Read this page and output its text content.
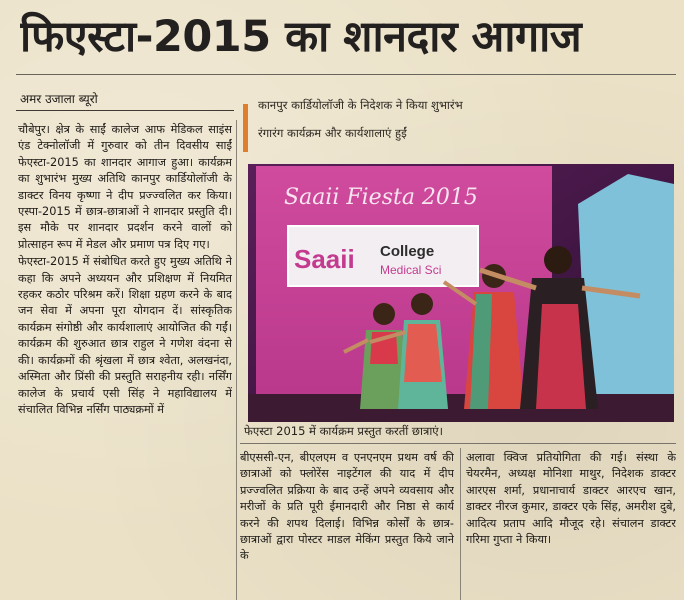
फिएस्टा-2015 का शानदार आगाज
अमर उजाला ब्यूरो	कानपुर कार्डियोलॉजी के निदेशक ने किया शुभारंभ
रंगारंग कार्यक्रम और कार्यशालाएं हुईं

चौबेपुर। क्षेत्र के साईं कालेज आफ मेडिकल साइंस एंड टेक्नोलॉजी में गुरुवार को तीन दिवसीय साईं फेएस्टा-2015 का शानदार आगाज हुआ। कार्यक्रम का शुभारंभ मुख्य अतिथि कानपुर कार्डियोलॉजी के डाक्टर विनय कृष्णा ने दीप प्रज्ज्वलित कर किया। एस्पा-2015 में छात्र-छात्राओं ने शानदार प्रस्तुति दी। इस मौके पर शानदार प्रदर्शन करने वालों को प्रोत्साहन रूप में मेडल और प्रमाण पत्र दिए गए।

फेएस्टा-2015 में संबोधित करते हुए मुख्य अतिथि ने कहा कि अपने अध्ययन और प्रशिक्षण में नियमित रहकर कठोर परिश्रम करें। शिक्षा ग्रहण करने के बाद जन सेवा में अपना पूरा योगदान दें। सांस्कृतिक कार्यक्रम संगोष्ठी और कार्यशालाएं आयोजित की गईं। कार्यक्रम की शुरुआत छात्र राहुल ने गणेश वंदना से की। कार्यक्रमों की श्रृंखला में छात्र श्वेता, अलखनंदा, अस्मिता और प्रिंसी की प्रस्तुति सराहनीय रही। नर्सिंग कालेज के प्रचार्य एसी सिंह ने महाविद्यालय में संचालित विभिन्न नर्सिंग पाठ्यक्रमों में

Saaii Fiesta 2015
Saaii College
Medical Sci
फेएस्टा 2015 में कार्यक्रम प्रस्तुत करतीं छात्राएं।

बीएससी-एन, बीएलएम व एनएनएम प्रथम वर्ष की छात्राओं को फ्लोरेंस नाइटेंगल की याद में दीप प्रज्ज्वलित प्रक्रिया के बाद उन्हें अपने व्यवसाय और मरीजों के प्रति पूरी ईमानदारी और निष्ठा से कार्य करने की शपथ दिलाई। विभिन्न कोर्सों के छात्र-छात्राओं द्वारा पोस्टर माडल मेकिंग प्रस्तुत किये जाने के

अलावा क्विज प्रतियोगिता की गई। संस्था के चेयरमैन, अध्यक्ष मोनिशा माथुर, निदेशक डाक्टर आरएस शर्मा, प्रधानाचार्य डाक्टर आरएच खान, डाक्टर नीरज कुमार, डाक्टर एके सिंह, अमरीश दुबे, आदित्य प्रताप आदि मौजूद रहे। संचालन डाक्टर गरिमा गुप्ता ने किया।
